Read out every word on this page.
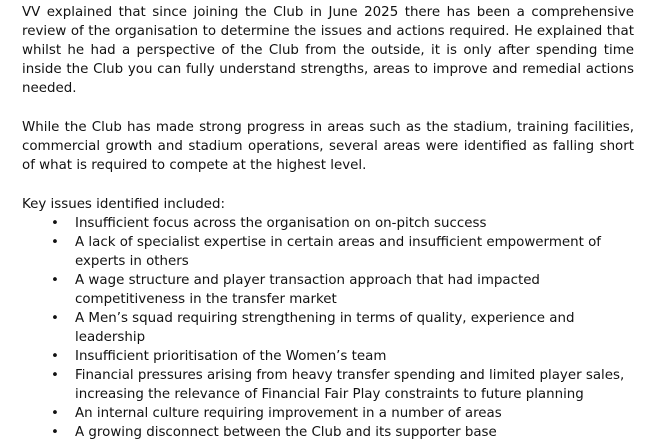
VV explained that since joining the Club in June 2025 there has been a comprehensive review of the organisation to determine the issues and actions required. He explained that whilst he had a perspective of the Club from the outside, it is only after spending time inside the Club you can fully understand strengths, areas to improve and remedial actions needed.

While the Club has made strong progress in areas such as the stadium, training facilities, commercial growth and stadium operations, several areas were identified as falling short of what is required to compete at the highest level.

Key issues identified included:

• Insufficient focus across the organisation on on-pitch success
• A lack of specialist expertise in certain areas and insufficient empowerment of experts in others
• A wage structure and player transaction approach that had impacted competitiveness in the transfer market
• A Men’s squad requiring strengthening in terms of quality, experience and leadership
• Insufficient prioritisation of the Women’s team
• Financial pressures arising from heavy transfer spending and limited player sales, increasing the relevance of Financial Fair Play constraints to future planning
• An internal culture requiring improvement in a number of areas
• A growing disconnect between the Club and its supporter base
